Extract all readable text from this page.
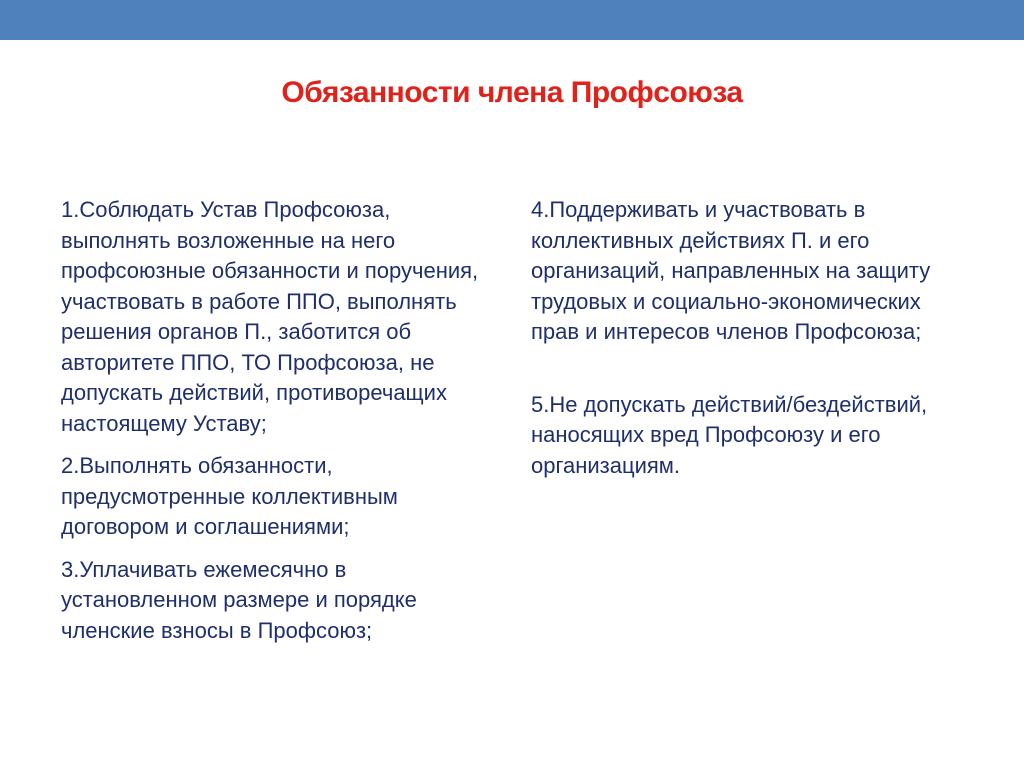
Обязанности члена Профсоюза

1.Соблюдать Устав Профсоюза, выполнять возложенные на него профсоюзные обязанности и поручения, участвовать в работе ППО, выполнять решения органов П., заботится об авторитете ППО, ТО Профсоюза, не допускать действий, противоречащих настоящему Уставу;

2.Выполнять обязанности, предусмотренные коллективным договором и соглашениями;

3.Уплачивать ежемесячно в установленном размере и порядке членские взносы в Профсоюз;

4.Поддерживать и участвовать в коллективных действиях П. и его организаций, направленных на защиту трудовых и социально-экономических прав и интересов членов Профсоюза;

5.Не допускать действий/бездействий, наносящих вред Профсоюзу и его организациям.
